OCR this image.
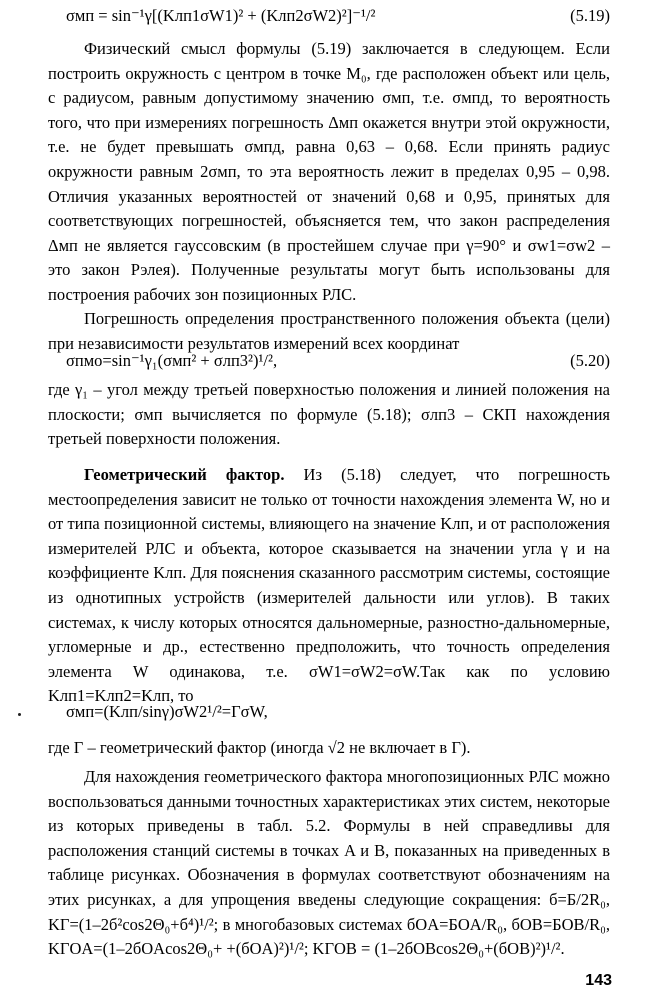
σмп = sin⁻¹γ[(Kлп1σW1)² + (Kлп2σW2)²]⁻¹/²	(5.19)
Физический смысл формулы (5.19) заключается в следующем. Если построить окружность с центром в точке M₀, где расположен объект или цель, с радиусом, равным допустимому значению σмп, т.е. σмпд, то вероятность того, что при измерениях погрешность Δмп окажется внутри этой окружности, т.е. не будет превышать σмпд, равна 0,63 – 0,68. Если принять радиус окружности равным 2σмп, то эта вероятность лежит в пределах 0,95 – 0,98. Отличия указанных вероятностей от значений 0,68 и 0,95, принятых для соответствующих погрешностей, объясняется тем, что закон распределения Δмп не является гауссовским (в простейшем случае при γ=90° и σw1=σw2 – это закон Рэлея). Полученные результаты могут быть использованы для построения рабочих зон позиционных РЛС.
Погрешность определения пространственного положения объекта (цели) при независимости результатов измерений всех координат
σпмо=sin⁻¹γ₁(σмп² + σлп3²)¹/²,	(5.20)
где γ₁ – угол между третьей поверхностью положения и линией положения на плоскости; σмп вычисляется по формуле (5.18); σлп3 – СКП нахождения третьей поверхности положения.
Геометрический фактор. Из (5.18) следует, что погрешность местоопределения зависит не только от точности нахождения элемента W, но и от типа позиционной системы, влияющего на значение Kлп, и от расположения измерителей РЛС и объекта, которое сказывается на значении угла γ и на коэффициенте Kлп. Для пояснения сказанного рассмотрим системы, состоящие из однотипных устройств (измерителей дальности или углов). В таких системах, к числу которых относятся дальномерные, разностно-дальномерные, угломерные и др., естественно предположить, что точность определения элемента W одинакова, т.е. σW1=σW2=σW.Так как по условию Kлп1=Kлп2=Kлп, то
σмп=(Kлп/sinγ)σW2¹/²=ΓσW,
где Γ – геометрический фактор (иногда √2 не включает в Γ).
Для нахождения геометрического фактора многопозиционных РЛС можно воспользоваться данными точностных характеристиках этих систем, некоторые из которых приведены в табл. 5.2. Формулы в ней справедливы для расположения станций системы в точках A и B, показанных на приведенных в таблице рисунках. Обозначения в формулах соответствуют обозначениям на этих рисунках, а для упрощения введены следующие сокращения: б=Б/2R₀, KΓ=(1–2б²cos2Θ₀+б⁴)¹/²; в многобазовых системах бOA=БOA/R₀, бOB=БOB/R₀, KΓOA=(1–2бOAcos2Θ₀+ +(бOA)²)¹/²; KΓOB = (1–2бOBcos2Θ₀+(бOB)²)¹/².
143
